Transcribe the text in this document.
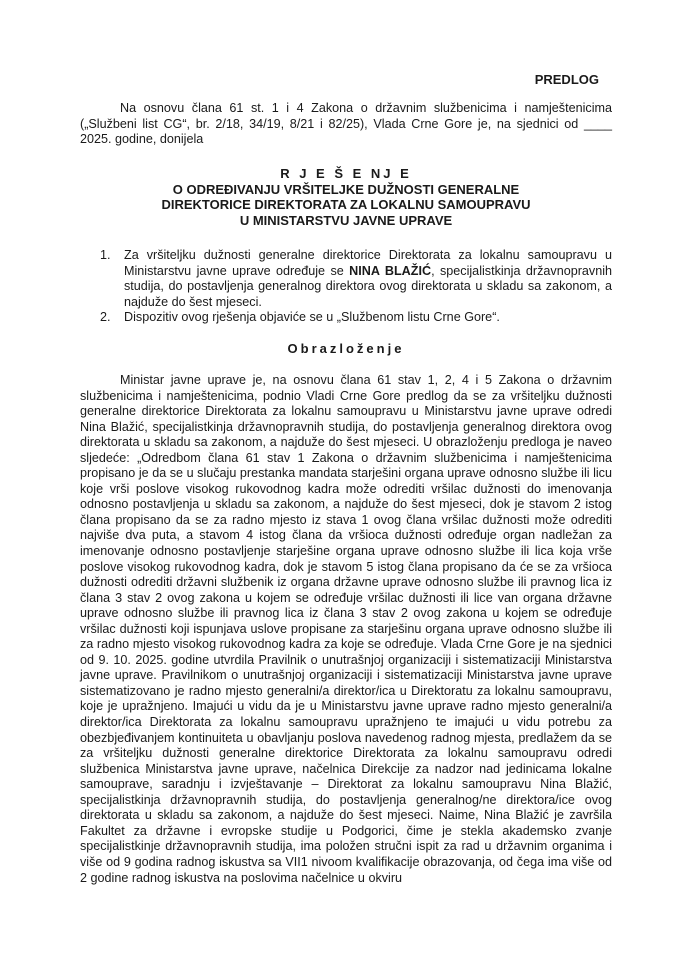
PREDLOG
Na osnovu člana 61 st. 1 i 4 Zakona o državnim službenicima i namještenicima („Službeni list CG“, br. 2/18, 34/19, 8/21 i 82/25), Vlada Crne Gore je, na sjednici od ____ 2025. godine, donijela
R J E Š E NJ E
O ODREĐIVANJU VRŠITELJKE DUŽNOSTI GENERALNE
DIREKTORICE DIREKTORATA ZA LOKALNU SAMOUPRAVU
U MINISTARSTVU JAVNE UPRAVE
1. Za vršiteljku dužnosti generalne direktorice Direktorata za lokalnu samoupravu u Ministarstvu javne uprave određuje se NINA BLAŽIĆ, specijalistkinja državnopravnih studija, do postavljenja generalnog direktora ovog direktorata u skladu sa zakonom, a najduže do šest mjeseci.
2. Dispozitiv ovog rješenja objaviće se u „Službenom listu Crne Gore“.
Obrazloženje
Ministar javne uprave je, na osnovu člana 61 stav 1, 2, 4 i 5 Zakona o državnim službenicima i namještenicima, podnio Vladi Crne Gore predlog da se za vršiteljku dužnosti generalne direktorice Direktorata za lokalnu samoupravu u Ministarstvu javne uprave odredi Nina Blažić, specijalistkinja državnopravnih studija, do postavljenja generalnog direktora ovog direktorata u skladu sa zakonom, a najduže do šest mjeseci. U obrazloženju predloga je naveo sljedeće: „Odredbom člana 61 stav 1 Zakona o državnim službenicima i namještenicima propisano je da se u slučaju prestanka mandata starješini organa uprave odnosno službe ili licu koje vrši poslove visokog rukovodnog kadra može odrediti vršilac dužnosti do imenovanja odnosno postavljenja u skladu sa zakonom, a najduže do šest mjeseci, dok je stavom 2 istog člana propisano da se za radno mjesto iz stava 1 ovog člana vršilac dužnosti može odrediti najviše dva puta, a stavom 4 istog člana da vršioca dužnosti određuje organ nadležan za imenovanje odnosno postavljenje starješine organa uprave odnosno službe ili lica koja vrše poslove visokog rukovodnog kadra, dok je stavom 5 istog člana propisano da će se za vršioca dužnosti odrediti državni službenik iz organa državne uprave odnosno službe ili pravnog lica iz člana 3 stav 2 ovog zakona u kojem se određuje vršilac dužnosti ili lice van organa državne uprave odnosno službe ili pravnog lica iz člana 3 stav 2 ovog zakona u kojem se određuje vršilac dužnosti koji ispunjava uslove propisane za starješinu organa uprave odnosno službe ili za radno mjesto visokog rukovodnog kadra za koje se određuje. Vlada Crne Gore je na sjednici od 9. 10. 2025. godine utvrdila Pravilnik o unutrašnjoj organizaciji i sistematizaciji Ministarstva javne uprave. Pravilnikom o unutrašnjoj organizaciji i sistematizaciji Ministarstva javne uprave sistematizovano je radno mjesto generalni/a direktor/ica u Direktoratu za lokalnu samoupravu, koje je upražnjeno. Imajući u vidu da je u Ministarstvu javne uprave radno mjesto generalni/a direktor/ica Direktorata za lokalnu samoupravu upražnjeno te imajući u vidu potrebu za obezbjeđivanjem kontinuiteta u obavljanju poslova navedenog radnog mjesta, predlažem da se za vršiteljku dužnosti generalne direktorice Direktorata za lokalnu samoupravu odredi službenica Ministarstva javne uprave, načelnica Direkcije za nadzor nad jedinicama lokalne samouprave, saradnju i izvještavanje – Direktorat za lokalnu samoupravu Nina Blažić, specijalistkinja državnopravnih studija, do postavljenja generalnog/ne direktora/ice ovog direktorata u skladu sa zakonom, a najduže do šest mjeseci. Naime, Nina Blažić je završila Fakultet za državne i evropske studije u Podgorici, čime je stekla akademsko zvanje specijalistkinje državnopravnih studija, ima položen stručni ispit za rad u državnim organima i više od 9 godina radnog iskustva sa VII1 nivoom kvalifikacije obrazovanja, od čega ima više od 2 godine radnog iskustva na poslovima načelnice u okviru
